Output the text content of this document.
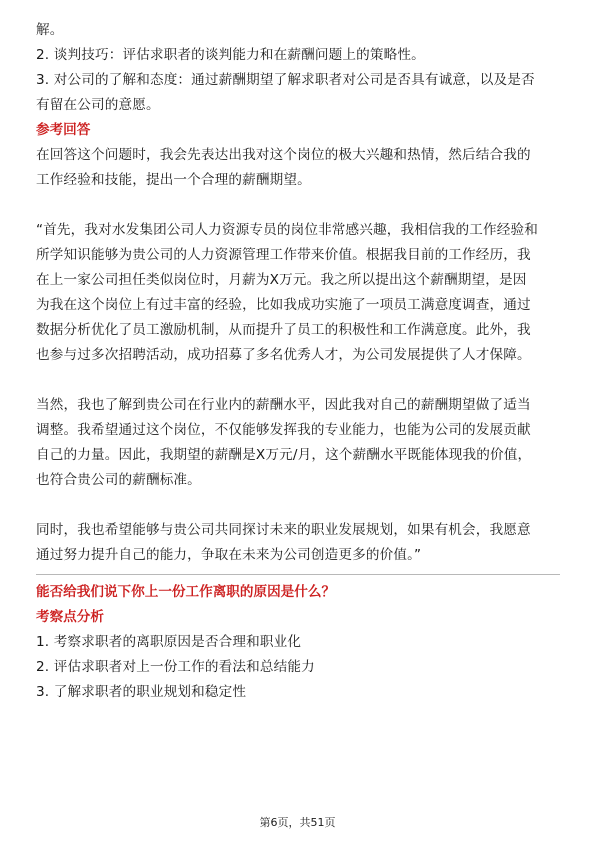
解。
2. 谈判技巧：评估求职者的谈判能力和在薪酬问题上的策略性。
3. 对公司的了解和态度：通过薪酬期望了解求职者对公司是否具有诚意，以及是否
有留在公司的意愿。
参考回答
在回答这个问题时，我会先表达出我对这个岗位的极大兴趣和热情，然后结合我的
工作经验和技能，提出一个合理的薪酬期望。
“首先，我对水发集团公司人力资源专员的岗位非常感兴趣，我相信我的工作经验和
所学知识能够为贵公司的人力资源管理工作带来价值。根据我目前的工作经历，我
在上一家公司担任类似岗位时，月薪为X万元。我之所以提出这个薪酬期望，是因
为我在这个岗位上有过丰富的经验，比如我成功实施了一项员工满意度调查，通过
数据分析优化了员工激励机制，从而提升了员工的积极性和工作满意度。此外，我
也参与过多次招聘活动，成功招募了多名优秀人才，为公司发展提供了人才保障。
当然，我也了解到贵公司在行业内的薪酬水平，因此我对自己的薪酬期望做了适当
调整。我希望通过这个岗位，不仅能够发挥我的专业能力，也能为公司的发展贡献
自己的力量。因此，我期望的薪酬是X万元/月，这个薪酬水平既能体现我的价值，
也符合贵公司的薪酬标准。
同时，我也希望能够与贵公司共同探讨未来的职业发展规划，如果有机会，我愿意
通过努力提升自己的能力，争取在未来为公司创造更多的价值。”
能否给我们说下你上一份工作离职的原因是什么？
考察点分析
1. 考察求职者的离职原因是否合理和职业化
2. 评估求职者对上一份工作的看法和总结能力
3. 了解求职者的职业规划和稳定性
第6页，共51页
